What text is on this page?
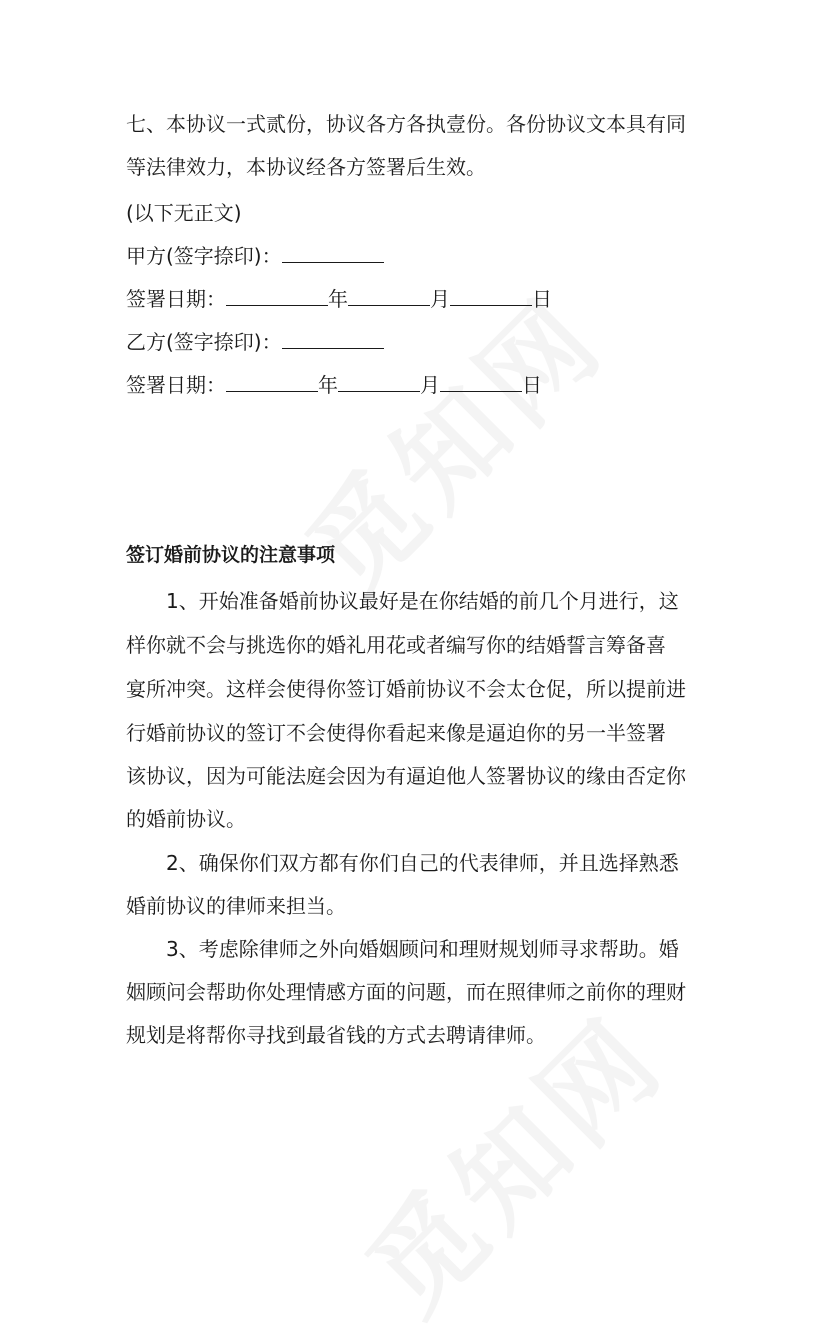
七、本协议一式贰份，协议各方各执壹份。各份协议文本具有同
等法律效力，本协议经各方签署后生效。
(以下无正文)
甲方(签字捺印)：
签署日期：	年	月	日
乙方(签字捺印)：
签署日期：	年	月	日
签订婚前协议的注意事项
1、开始准备婚前协议最好是在你结婚的前几个月进行，这
样你就不会与挑选你的婚礼用花或者编写你的结婚誓言筹备喜
宴所冲突。这样会使得你签订婚前协议不会太仓促，所以提前进
行婚前协议的签订不会使得你看起来像是逼迫你的另一半签署
该协议，因为可能法庭会因为有逼迫他人签署协议的缘由否定你
的婚前协议。
2、确保你们双方都有你们自己的代表律师，并且选择熟悉
婚前协议的律师来担当。
3、考虑除律师之外向婚姻顾问和理财规划师寻求帮助。婚
姻顾问会帮助你处理情感方面的问题，而在照律师之前你的理财
规划是将帮你寻找到最省钱的方式去聘请律师。
